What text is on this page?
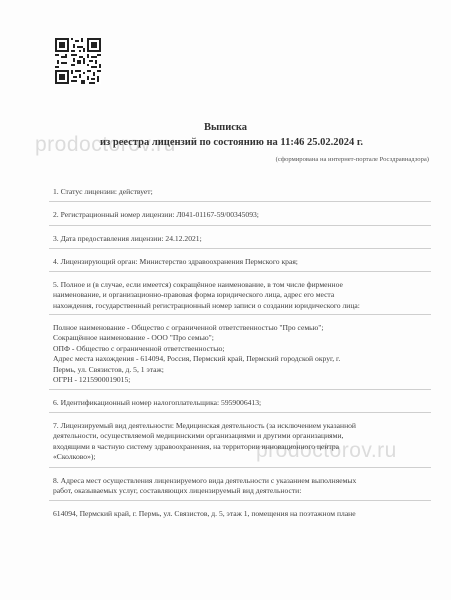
prodoctorov.ru
prodoctorov.ru
Выписка
из реестра лицензий по состоянию на 11:46 25.02.2024 г.
(сформирована на интернет-портале Росздравнадзора)
1. Статус лицензии: действует;
2. Регистрационный номер лицензии: Л041-01167-59/00345093;
3. Дата предоставления лицензии: 24.12.2021;
4. Лицензирующий орган: Министерство здравоохранения Пермского края;
5. Полное и (в случае, если имеется) сокращённое наименование, в том числе фирменное
наименование, и организационно-правовая форма юридического лица, адрес его места
нахождения, государственный регистрационный номер записи о создании юридического лица:
Полное наименование - Общество с ограниченной ответственностью "Про семью";
Сокращённое наименование - ООО "Про семью";
ОПФ - Общество с ограниченной ответственностью;
Адрес места нахождения - 614094, Россия, Пермский край, Пермский городской округ, г.
Пермь, ул. Связистов, д. 5, 1 этаж;
ОГРН - 1215900019015;
6. Идентификационный номер налогоплательщика: 5959006413;
7. Лицензируемый вид деятельности: Медицинская деятельность (за исключением указанной
деятельности, осуществляемой медицинскими организациями и другими организациями,
входящими в частную систему здравоохранения, на территории инновационного центра
«Сколково»);
8. Адреса мест осуществления лицензируемого вида деятельности с указанием выполняемых
работ, оказываемых услуг, составляющих лицензируемый вид деятельности:
614094, Пермский край, г. Пермь, ул. Связистов, д. 5, этаж 1, помещения на поэтажном плане
